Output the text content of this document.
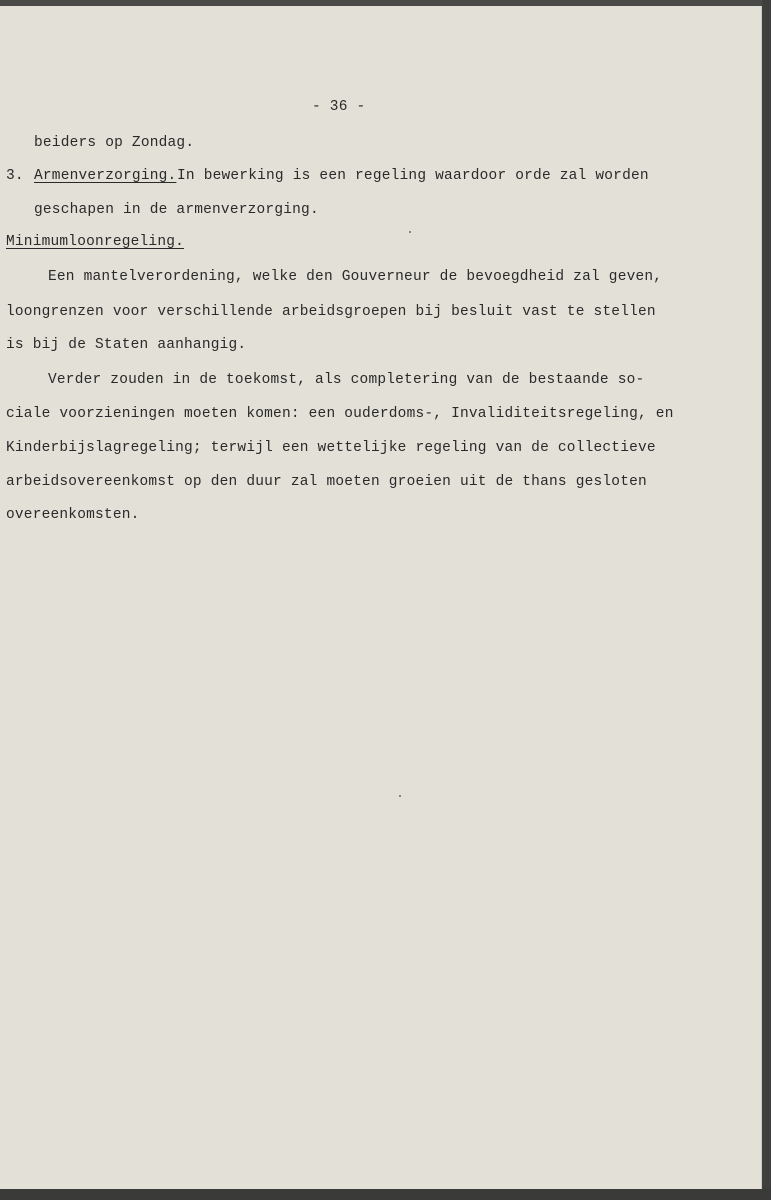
- 36 -
beiders op Zondag.
3. Armenverzorging. In bewerking is een regeling waardoor orde zal worden
geschapen in de armenverzorging.
Minimumloonregeling.
Een mantelverordening, welke den Gouverneur de bevoegdheid zal geven,
loongrenzen voor verschillende arbeidsgroepen bij besluit vast te stellen
is bij de Staten aanhangig.
Verder zouden in de toekomst, als completering van de bestaande so-
ciale voorzieningen moeten komen: een ouderdoms-, Invaliditeitsregeling, en
Kinderbijslagregeling; terwijl een wettelijke regeling van de collectieve
arbeidsovereenkomst op den duur zal moeten groeien uit de thans gesloten
overeenkomsten.
